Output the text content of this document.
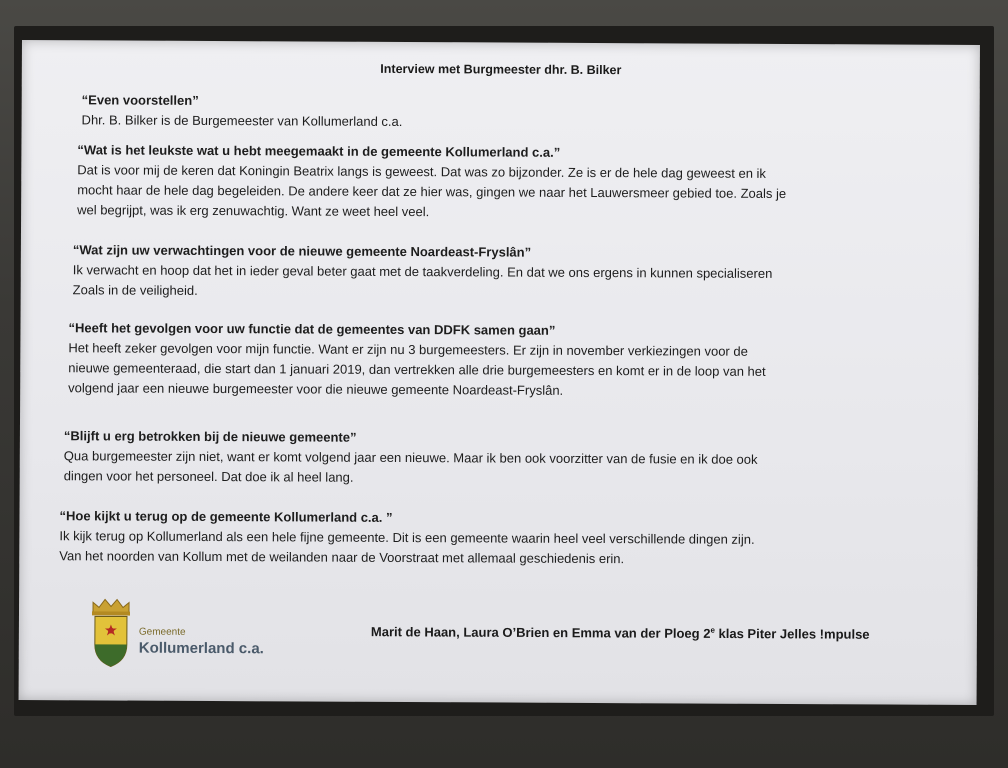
Interview met Burgmeester dhr. B. Bilker
“Even voorstellen”
Dhr. B. Bilker is de Burgemeester van Kollumerland c.a.
“Wat is het leukste wat u hebt meegemaakt in de gemeente Kollumerland c.a.”
Dat is voor mij de keren dat Koningin Beatrix langs is geweest. Dat was zo bijzonder. Ze is er de hele dag geweest en ik
mocht haar de hele dag begeleiden. De andere keer dat ze hier was, gingen we naar het Lauwersmeer gebied toe. Zoals je
wel begrijpt, was ik erg zenuwachtig. Want ze weet heel veel.
“Wat zijn uw verwachtingen voor de nieuwe gemeente Noardeast-Fryslân”
Ik verwacht en hoop dat het in ieder geval beter gaat met de taakverdeling. En dat we ons ergens in kunnen specialiseren
Zoals in de veiligheid.
“Heeft het gevolgen voor uw functie dat de gemeentes van DDFK samen gaan”
Het heeft zeker gevolgen voor mijn functie. Want er zijn nu 3 burgemeesters. Er zijn in november verkiezingen voor de
nieuwe gemeenteraad, die start dan 1 januari 2019, dan vertrekken alle drie burgemeesters en komt er in de loop van het
volgend jaar een nieuwe burgemeester voor die nieuwe gemeente Noardeast-Fryslân.
“Blijft u erg betrokken bij de nieuwe gemeente”
Qua burgemeester zijn niet, want er komt volgend jaar een nieuwe. Maar ik ben ook voorzitter van de fusie en ik doe ook
dingen voor het personeel. Dat doe ik al heel lang.
“Hoe kijkt u terug op de gemeente Kollumerland c.a. ”
Ik kijk terug op Kollumerland als een hele fijne gemeente. Dit is een gemeente waarin heel veel verschillende dingen zijn.
Van het noorden van Kollum met de weilanden naar de Voorstraat met allemaal geschiedenis erin.
Gemeente
Kollumerland c.a.
Marit de Haan, Laura O’Brien en Emma van der Ploeg 2e klas Piter Jelles !mpulse
